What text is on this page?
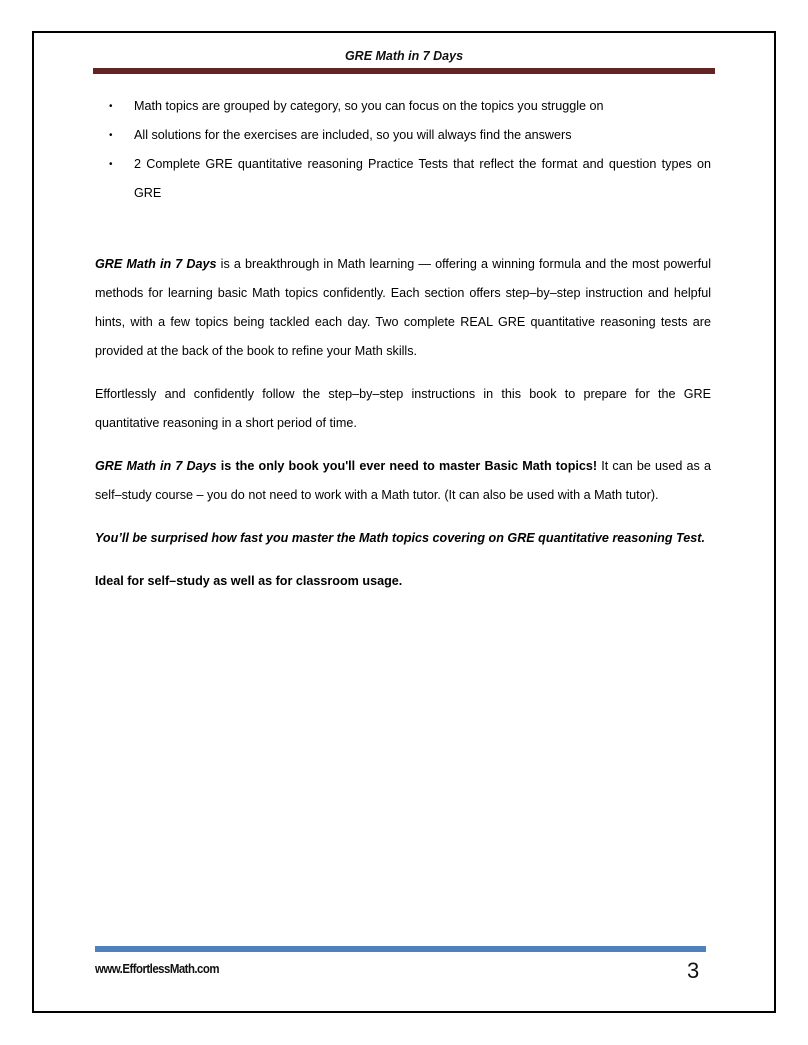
GRE Math in 7 Days
• Math topics are grouped by category, so you can focus on the topics you struggle on
• All solutions for the exercises are included, so you will always find the answers
• 2 Complete GRE quantitative reasoning Practice Tests that reflect the format and question types on GRE

GRE Math in 7 Days is a breakthrough in Math learning — offering a winning formula and the most powerful methods for learning basic Math topics confidently. Each section offers step–by–step instruction and helpful hints, with a few topics being tackled each day. Two complete REAL GRE quantitative reasoning tests are provided at the back of the book to refine your Math skills.

Effortlessly and confidently follow the step–by–step instructions in this book to prepare for the GRE quantitative reasoning in a short period of time.

GRE Math in 7 Days is the only book you'll ever need to master Basic Math topics! It can be used as a self–study course – you do not need to work with a Math tutor. (It can also be used with a Math tutor).

You’ll be surprised how fast you master the Math topics covering on GRE quantitative reasoning Test.

Ideal for self–study as well as for classroom usage.

www.EffortlessMath.com	3
